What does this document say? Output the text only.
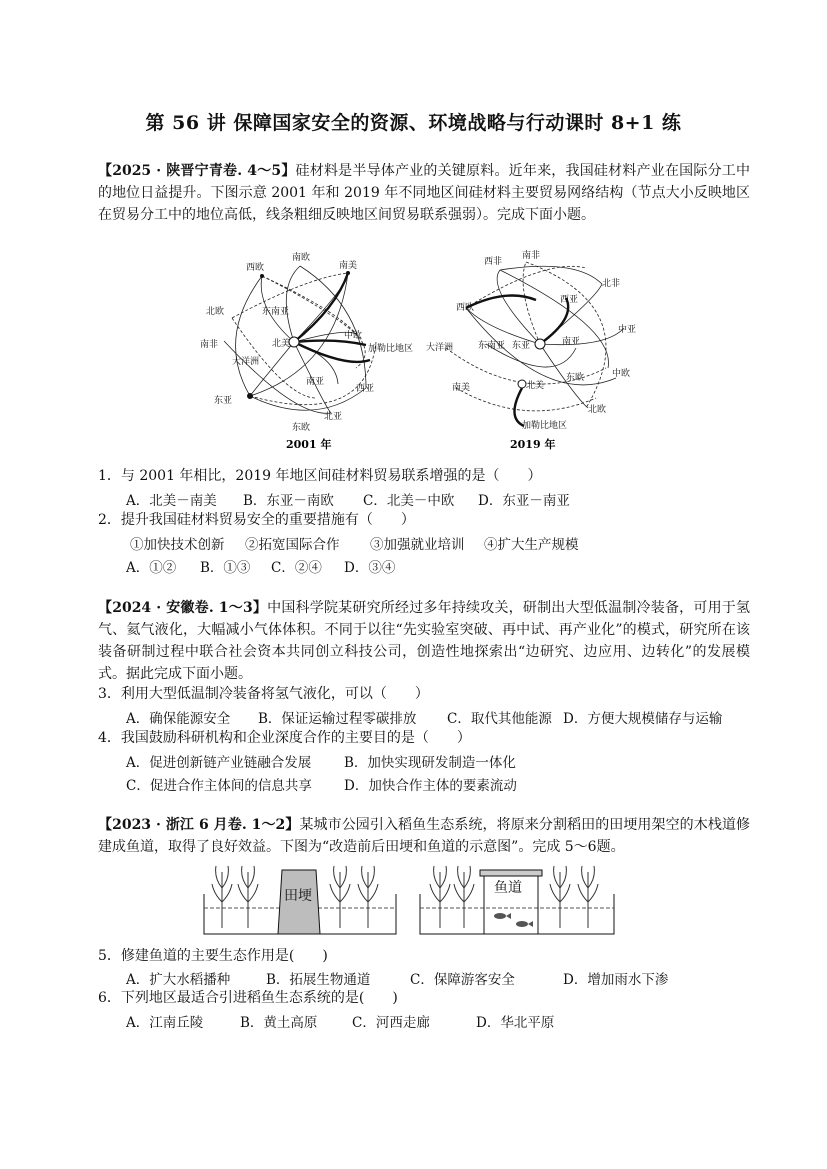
第 56 讲 保障国家安全的资源、环境战略与行动课时 8+1 练
【2025 · 陕晋宁青卷. 4～5】硅材料是半导体产业的关键原料。近年来，我国硅材料产业在国际分工中的地位日益提升。下图示意 2001 年和 2019 年不同地区间硅材料主要贸易网络结构（节点大小反映地区在贸易分工中的地位高低，线条粗细反映地区间贸易联系强弱）。完成下面小题。
西欧
南欧
南美
北欧	东南亚
中欧
南非	北美	加勒比地区
大洋洲
南亚
西亚
东亚
北亚
东欧
2001 年
西非
南非
北非
西欧
西亚
中亚
大洋洲	东南亚 东亚	南亚
东欧	中欧
南美	北美
北欧
加勒比地区
2019 年
1．与 2001 年相比，2019 年地区间硅材料贸易联系增强的是（　　）
A．北美－南美 B．东亚－南欧 C．北美－中欧 D．东亚－南亚
2．提升我国硅材料贸易安全的重要措施有（　　）
①加快技术创新 ②拓宽国际合作 ③加强就业培训 ④扩大生产规模
A．①② B．①③ C．②④ D．③④
【2024 · 安徽卷. 1～3】中国科学院某研究所经过多年持续攻关，研制出大型低温制冷装备，可用于氢气、氦气液化，大幅减小气体体积。不同于以往“先实验室突破、再中试、再产业化”的模式，研究所在该装备研制过程中联合社会资本共同创立科技公司，创造性地探索出“边研究、边应用、边转化”的发展模式。据此完成下面小题。
3．利用大型低温制冷装备将氢气液化，可以（　　）
A．确保能源安全 B．保证运输过程零碳排放 C．取代其他能源 D．方便大规模储存与运输
4．我国鼓励科研机构和企业深度合作的主要目的是（　　）
A．促进创新链产业链融合发展 B．加快实现研发制造一体化
C．促进合作主体间的信息共享 D．加快合作主体的要素流动
【2023 · 浙江 6 月卷. 1～2】某城市公园引入稻鱼生态系统，将原来分割稻田的田埂用架空的木栈道修建成鱼道，取得了良好效益。下图为“改造前后田埂和鱼道的示意图”。完成 5～6题。
田埂	鱼道
5．修建鱼道的主要生态作用是(　　)
A．扩大水稻播种	B．拓展生物通道	C．保障游客安全	D．增加雨水下渗
6．下列地区最适合引进稻鱼生态系统的是(　　)
A．江南丘陵	B．黄土高原	C．河西走廊	D．华北平原
